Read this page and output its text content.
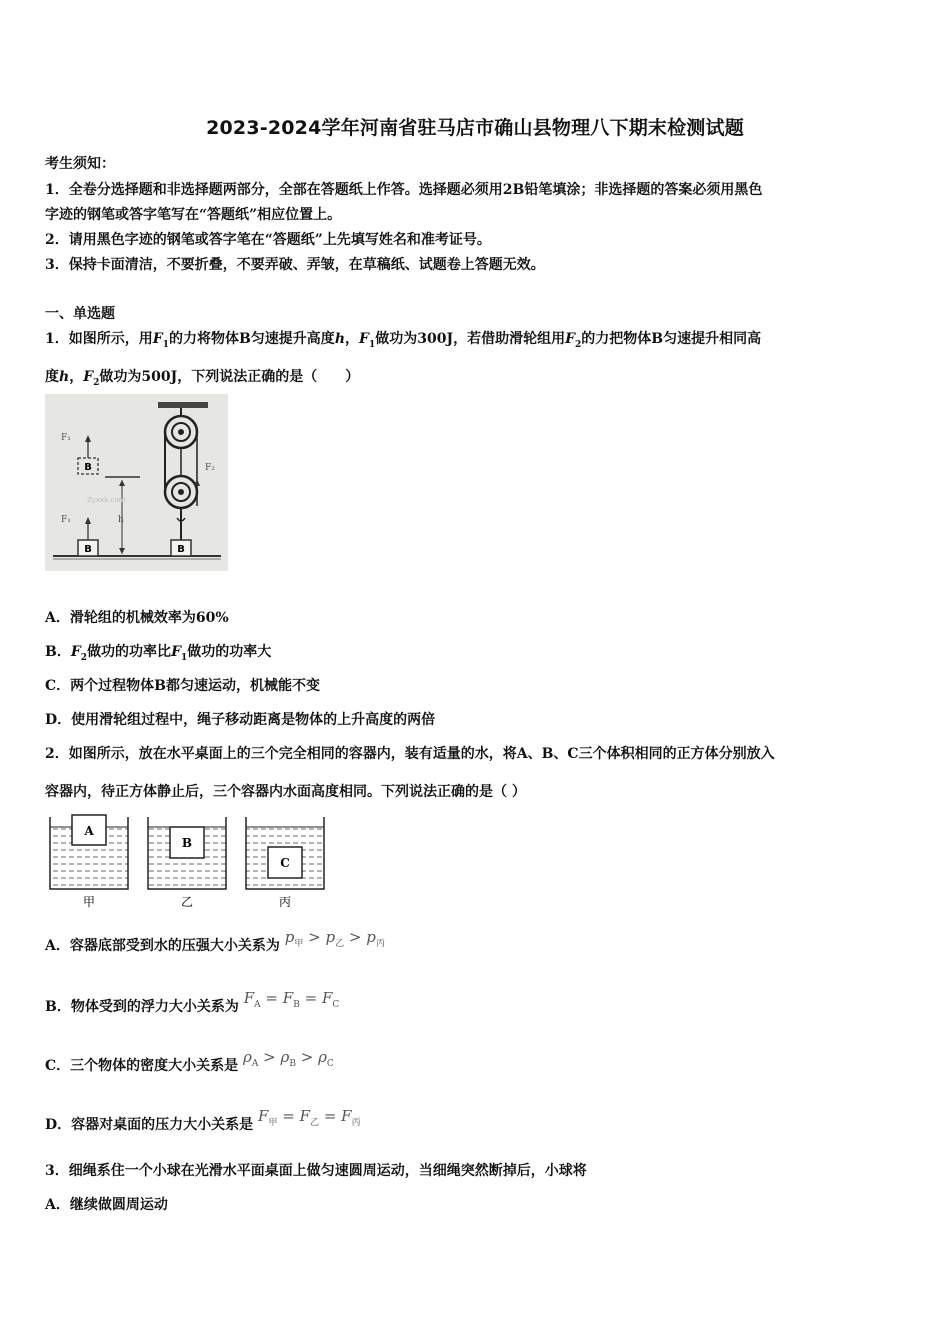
2023-2024学年河南省驻马店市确山县物理八下期末检测试题
考生须知：
1．全卷分选择题和非选择题两部分，全部在答题纸上作答。选择题必须用2B铅笔填涂；非选择题的答案必须用黑色
字迹的钢笔或答字笔写在“答题纸”相应位置上。
2．请用黑色字迹的钢笔或答字笔在“答题纸”上先填写姓名和准考证号。
3．保持卡面清洁，不要折叠，不要弄破、弄皱，在草稿纸、试题卷上答题无效。
一、单选题
1．如图所示，用$F_1$的力将物体B匀速提升高度h，$F_1$做功为300J，若借助滑轮组用$F_2$的力把物体B匀速提升相同高
度h，$F_2$做功为500J，下列说法正确的是（　　）
B
F₁
B
F₁
h
Zyxxk.com
B
F₂
A．滑轮组的机械效率为60%
B．$F_2$做功的功率比$F_1$做功的功率大
C．两个过程物体B都匀速运动，机械能不变
D．使用滑轮组过程中，绳子移动距离是物体的上升高度的两倍
2．如图所示，放在水平桌面上的三个完全相同的容器内，装有适量的水，将A、B、C三个体积相同的正方体分别放入
容器内，待正方体静止后，三个容器内水面高度相同。下列说法正确的是（ ）
A
甲
B
乙
C
丙
A．容器底部受到水的压强大小关系为 $p_甲 > p_乙 > p_丙$
B．物体受到的浮力大小关系为 $F_A = F_B = F_C$
C．三个物体的密度大小关系是 $\rho_A > \rho_B > \rho_C$
D．容器对桌面的压力大小关系是 $F_甲 = F_乙 = F_丙$
3．细绳系住一个小球在光滑水平面桌面上做匀速圆周运动，当细绳突然断掉后，小球将
A．继续做圆周运动
